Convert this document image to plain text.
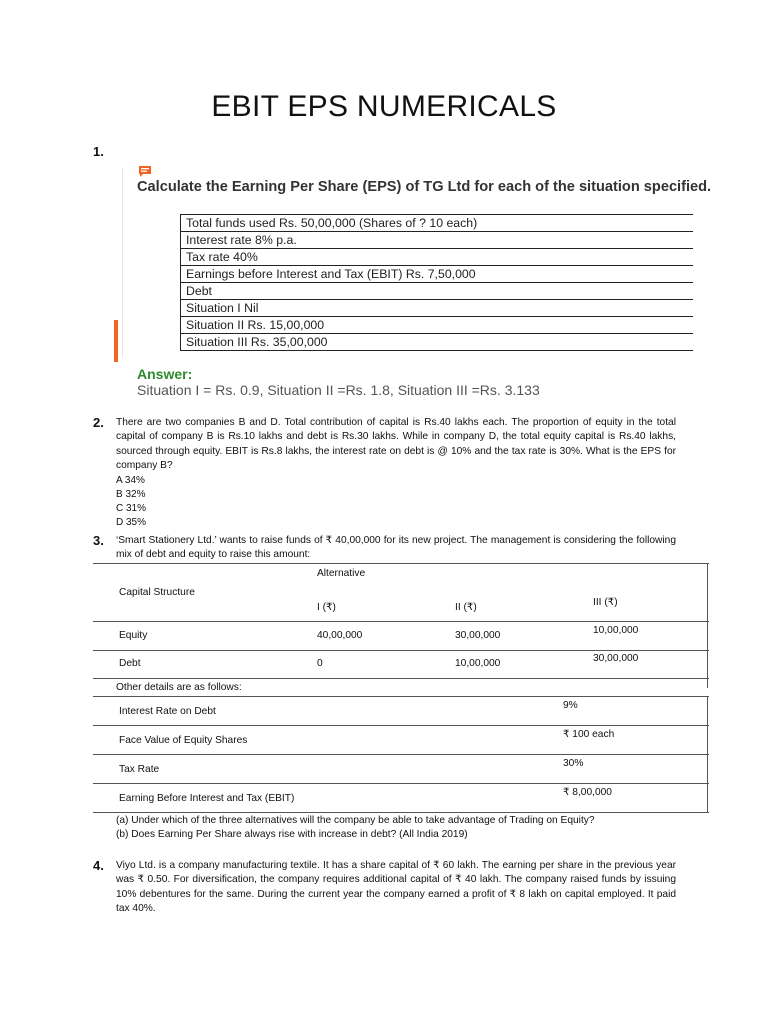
EBIT EPS NUMERICALS
1.
Calculate the Earning Per Share (EPS) of TG Ltd for each of the situation specified.
Total funds used Rs. 50,00,000 (Shares of ? 10 each)
Interest rate 8% p.a.
Tax rate 40%
Earnings before Interest and Tax (EBIT) Rs. 7,50,000
Debt
Situation I Nil
Situation II Rs. 15,00,000
Situation III Rs. 35,00,000
Answer:
Situation I = Rs. 0.9, Situation II =Rs. 1.8, Situation III =Rs. 3.133
2. There are two companies B and D. Total contribution of capital is Rs.40 lakhs each. The proportion of equity in the total capital of company B is Rs.10 lakhs and debt is Rs.30 lakhs. While in company D, the total equity capital is Rs.40 lakhs, sourced through equity. EBIT is Rs.8 lakhs, the interest rate on debt is @ 10% and the tax rate is 30%. What is the EPS for company B?
A 34%
B 32%
C 31%
D 35%
3. ‘Smart Stationery Ltd.’ wants to raise funds of ₹ 40,00,000 for its new project. The management is considering the following mix of debt and equity to raise this amount:
Alternative
Capital Structure
I (₹)	II (₹)	III (₹)
Equity	40,00,000	30,00,000	10,00,000
Debt	0	10,00,000	30,00,000
Other details are as follows:
Interest Rate on Debt
9%
Face Value of Equity Shares
₹ 100 each
Tax Rate
30%
Earning Before Interest and Tax (EBIT)
₹ 8,00,000
(a) Under which of the three alternatives will the company be able to take advantage of Trading on Equity?
(b) Does Earning Per Share always rise with increase in debt? (All India 2019)
4. Viyo Ltd. is a company manufacturing textile. It has a share capital of ₹ 60 lakh. The earning per share in the previous year was ₹ 0.50. For diversification, the company requires additional capital of ₹ 40 lakh. The company raised funds by issuing 10% debentures for the same. During the current year the company earned a profit of ₹ 8 lakh on capital employed. It paid tax 40%.
